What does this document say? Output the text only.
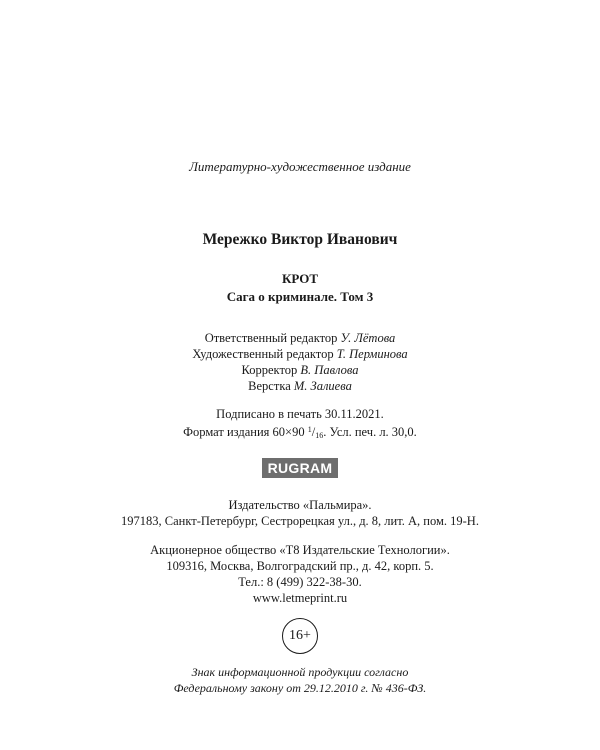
Литературно-художественное издание
Мережко Виктор Иванович
КРОТ
Сага о криминале. Том 3
Ответственный редактор У. Лётова
Художественный редактор Т. Перминова
Корректор В. Павлова
Верстка М. Залиева
Подписано в печать 30.11.2021.
Формат издания 60×90 $^1/_{16}$. Усл. печ. л. 30,0.
RUGRAM
Издательство «Пальмира».
197183, Санкт-Петербург, Сестрорецкая ул., д. 8, лит. А, пом. 19-Н.
Акционерное общество «Т8 Издательские Технологии».
109316, Москва, Волгоградский пр., д. 42, корп. 5.
Тел.: 8 (499) 322-38-30.
www.letmeprint.ru
16+
Знак информационной продукции согласно
Федеральному закону от 29.12.2010 г. № 436-ФЗ.
